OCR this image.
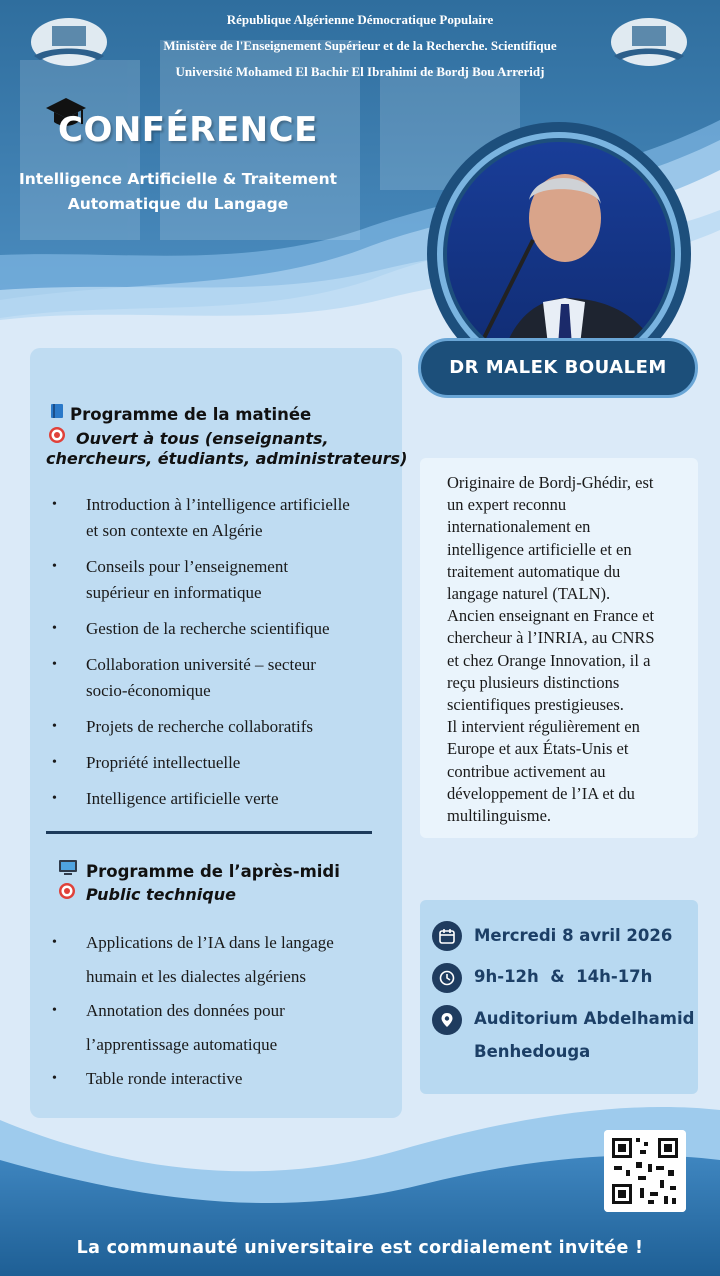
République Algérienne Démocratique Populaire
Ministère de l'Enseignement Supérieur et de la Recherche. Scientifique
Université Mohamed El Bachir El Ibrahimi de Bordj Bou Arreridj
CONFÉRENCE
Intelligence Artificielle & Traitement
Automatique du Langage
DR MALEK BOUALEM
Programme de la matinée
Ouvert à tous (enseignants,
chercheurs, étudiants, administrateurs)
• Introduction à l’intelligence artificielle
et son contexte en Algérie
• Conseils pour l’enseignement
supérieur en informatique
• Gestion de la recherche scientifique
• Collaboration université – secteur
socio-économique
• Projets de recherche collaboratifs
• Propriété intellectuelle
• Intelligence artificielle verte
Programme de l’après-midi
Public technique
• Applications de l’IA dans le langage
humain et les dialectes algériens
• Annotation des données pour
l’apprentissage automatique
• Table ronde interactive
Originaire de Bordj-Ghédir, est
un expert reconnu
internationalement en
intelligence artificielle et en
traitement automatique du
langage naturel (TALN).
Ancien enseignant en France et
chercheur à l’INRIA, au CNRS
et chez Orange Innovation, il a
reçu plusieurs distinctions
scientifiques prestigieuses.
Il intervient régulièrement en
Europe et aux États-Unis et
contribue activement au
développement de l’IA et du
multilinguisme.
Mercredi 8 avril 2026
9h-12h  &  14h-17h
Auditorium Abdelhamid
Benhedouga
La communauté universitaire est cordialement invitée !
